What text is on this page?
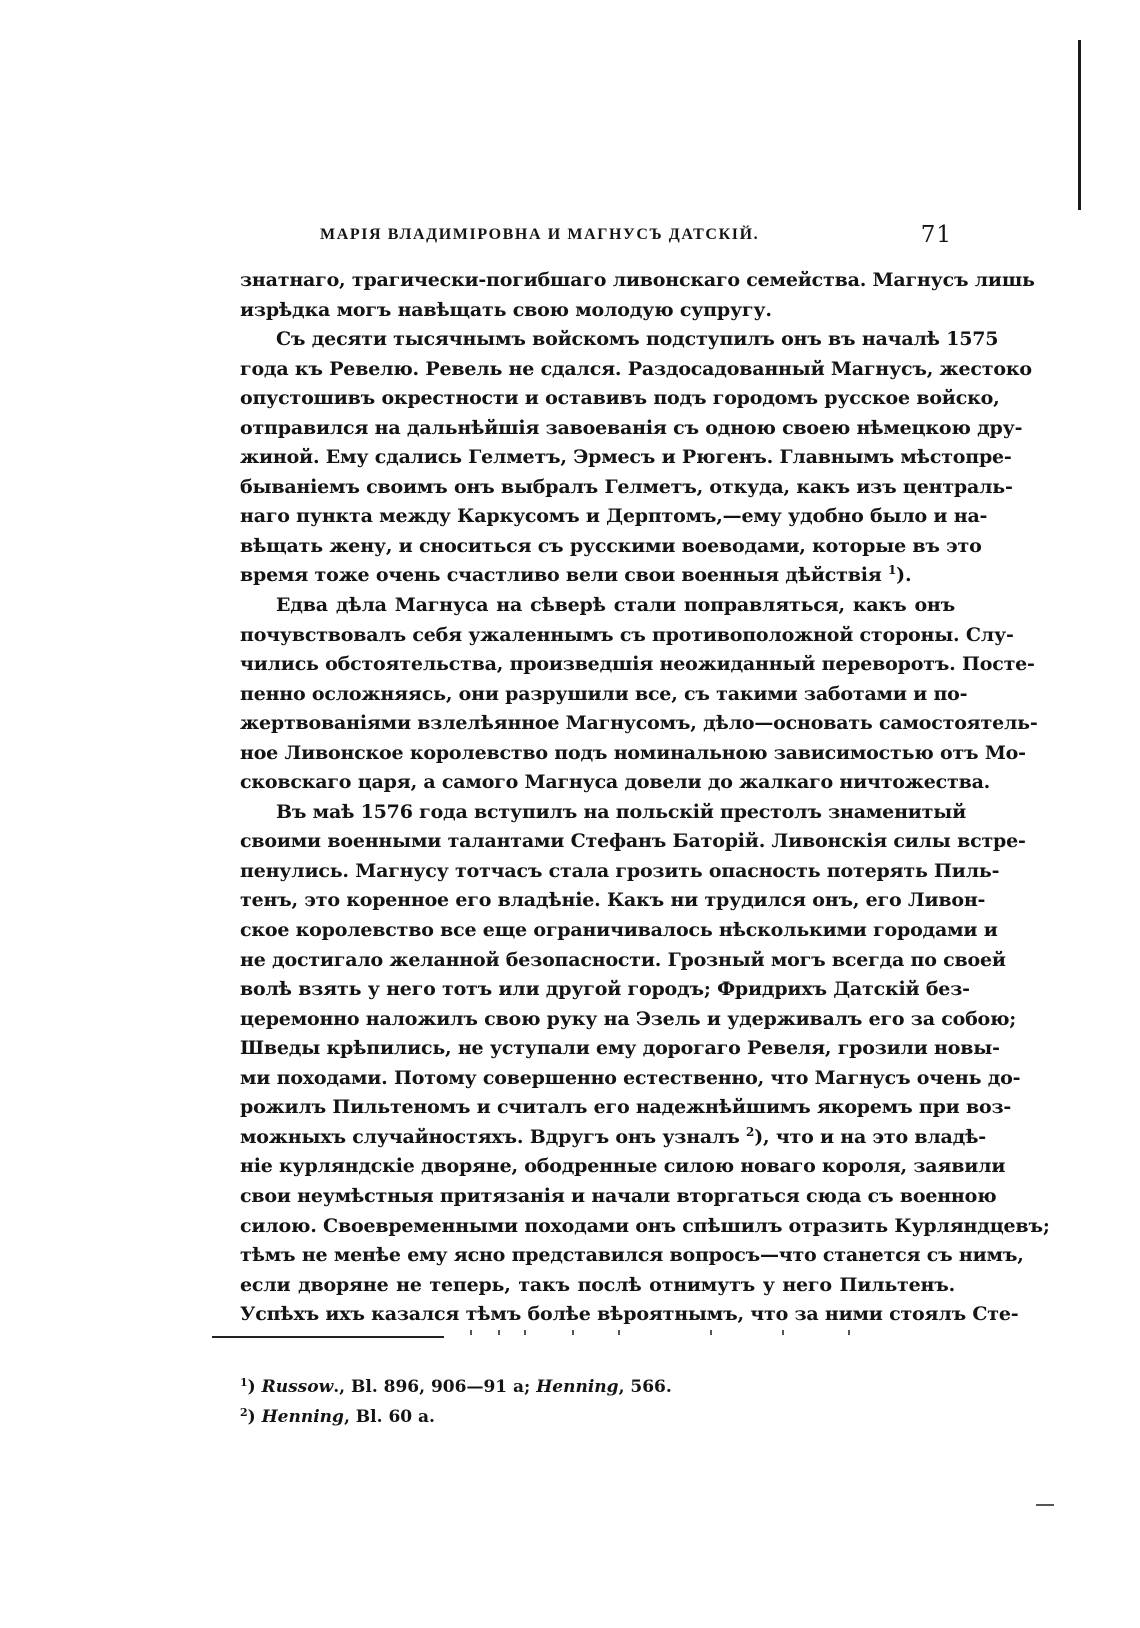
МАРІЯ ВЛАДИМІРОВНА И МАГНУСЪ ДАТСКІЙ.	71
знатнаго, трагически-погибшаго ливонскаго семейства. Магнусъ лишь
изрѣдка могъ навѣщать свою молодую супругу.
Съ десяти тысячнымъ войскомъ подступилъ онъ въ началѣ 1575
года къ Ревелю. Ревель не сдался. Раздосадованный Магнусъ, жестоко
опустошивъ окрестности и оставивъ подъ городомъ русское войско,
отправился на дальнѣйшія завоеванія съ одною своею нѣмецкою дру-
жиной. Ему сдались Гелметъ, Эрмесъ и Рюгенъ. Главнымъ мѣстопре-
быванiемъ своимъ онъ выбралъ Гелметъ, откуда, какъ изъ централь-
наго пункта между Каркусомъ и Дерптомъ,—ему удобно было и на-
вѣщать жену, и сноситься съ русскими воеводами, которые въ это
время тоже очень счастливо вели свои военныя дѣйствія $^1$).
Едва дѣла Магнуса на сѣверѣ стали поправляться, какъ онъ
почувствовалъ себя ужаленнымъ съ противоположной стороны. Слу-
чились обстоятельства, произведшія неожиданный переворотъ. Посте-
пенно осложняясь, они разрушили все, съ такими заботами и по-
жертвованіями взлелѣянное Магнусомъ, дѣло—основать самостоятель-
ное Ливонское королевство подъ номинальною зависимостью отъ Мо-
сковскаго царя, а самого Магнуса довели до жалкаго ничтожества.
Въ маѣ 1576 года вступилъ на польскій престолъ знаменитый
своими военными талантами Стефанъ Баторій. Ливонскія силы встре-
пенулись. Магнусу тотчасъ стала грозить опасность потерять Пиль-
тенъ, это коренное его владѣніе. Какъ ни трудился онъ, его Ливон-
ское королевство все еще ограничивалось нѣсколькими городами и
не достигало желанной безопасности. Грозный могъ всегда по своей
волѣ взять у него тотъ или другой городъ; Фридрихъ Датскій без-
церемонно наложилъ свою руку на Эзель и удерживалъ его за собою;
Шведы крѣпились, не уступали ему дорогаго Ревеля, грозили новы-
ми походами. Потому совершенно естественно, что Магнусъ очень до-
рожилъ Пильтеномъ и считалъ его надежнѣйшимъ якоремъ при воз-
можныхъ случайностяхъ. Вдругъ онъ узналъ $^2$), что и на это владѣ-
ніе курляндскіе дворяне, ободренные силою новаго короля, заявили
свои неумѣстныя притязанія и начали вторгаться сюда съ военною
силою. Своевременными походами онъ спѣшилъ отразить Курляндцевъ;
тѣмъ не менѣе ему ясно представился вопросъ—что станется съ нимъ,
если дворяне не теперь, такъ послѣ отнимутъ у него Пильтенъ.
Успѣхъ ихъ казался тѣмъ болѣе вѣроятнымъ, что за ними стоялъ Сте-
$^1$) Russow., Bl. 896, 906—91 a; Henning, 566.
$^2$) Henning, Bl. 60 a.
